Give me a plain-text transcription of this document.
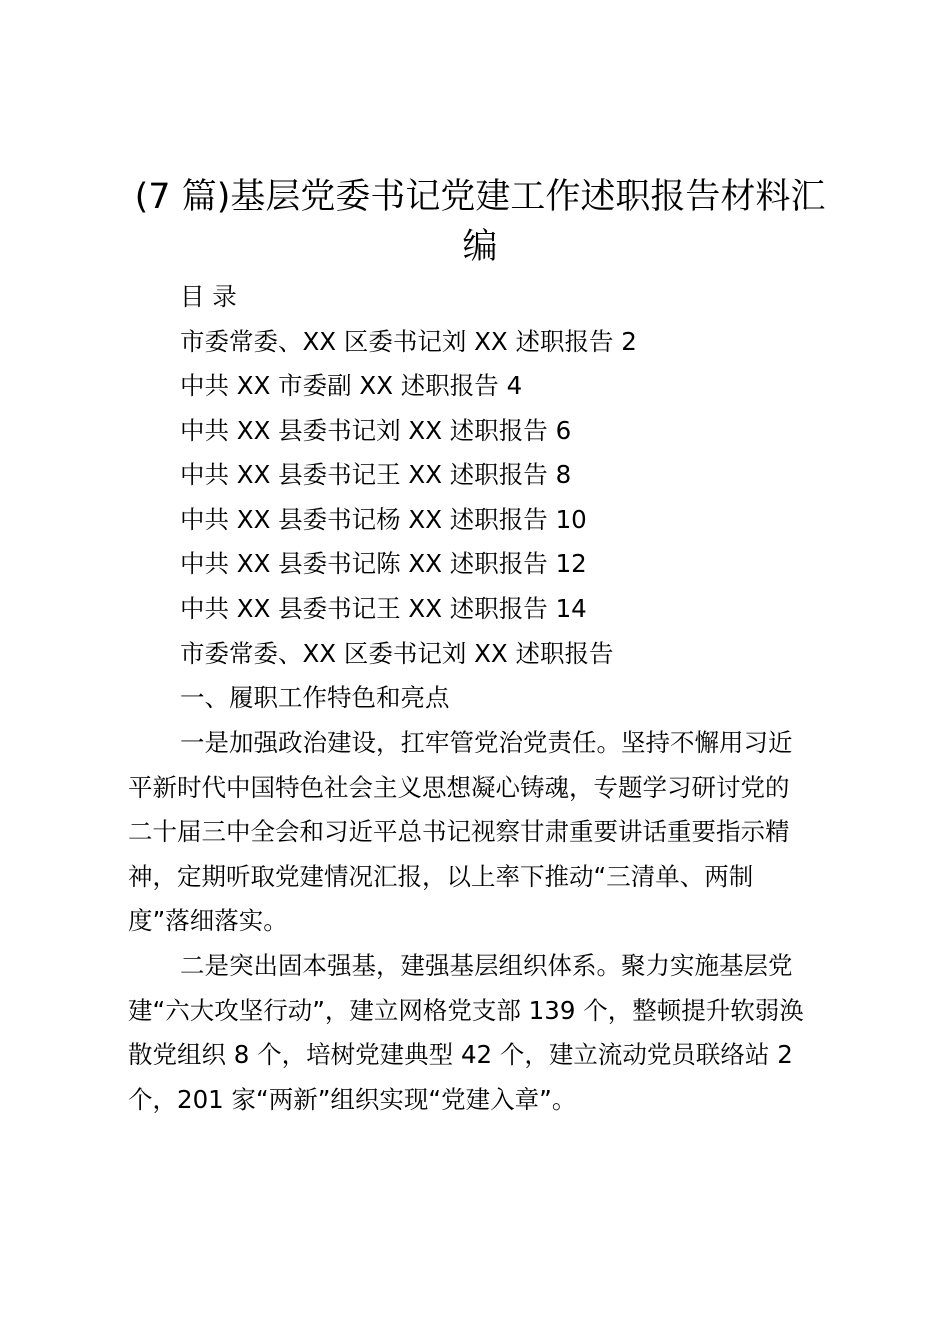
(7 篇)基层党委书记党建工作述职报告材料汇
编

目 录

市委常委、XX 区委书记刘 XX 述职报告 2

中共 XX 市委副 XX 述职报告 4

中共 XX 县委书记刘 XX 述职报告 6

中共 XX 县委书记王 XX 述职报告 8

中共 XX 县委书记杨 XX 述职报告 10

中共 XX 县委书记陈 XX 述职报告 12

中共 XX 县委书记王 XX 述职报告 14

市委常委、XX 区委书记刘 XX 述职报告

一、履职工作特色和亮点

一是加强政治建设，扛牢管党治党责任。坚持不懈用习近

平新时代中国特色社会主义思想凝心铸魂，专题学习研讨党的

二十届三中全会和习近平总书记视察甘肃重要讲话重要指示精

神，定期听取党建情况汇报，以上率下推动“三清单、两制

度”落细落实。

二是突出固本强基，建强基层组织体系。聚力实施基层党

建“六大攻坚行动”，建立网格党支部 139 个，整顿提升软弱涣

散党组织 8 个，培树党建典型 42 个，建立流动党员联络站 2

个，201 家“两新”组织实现“党建入章”。
